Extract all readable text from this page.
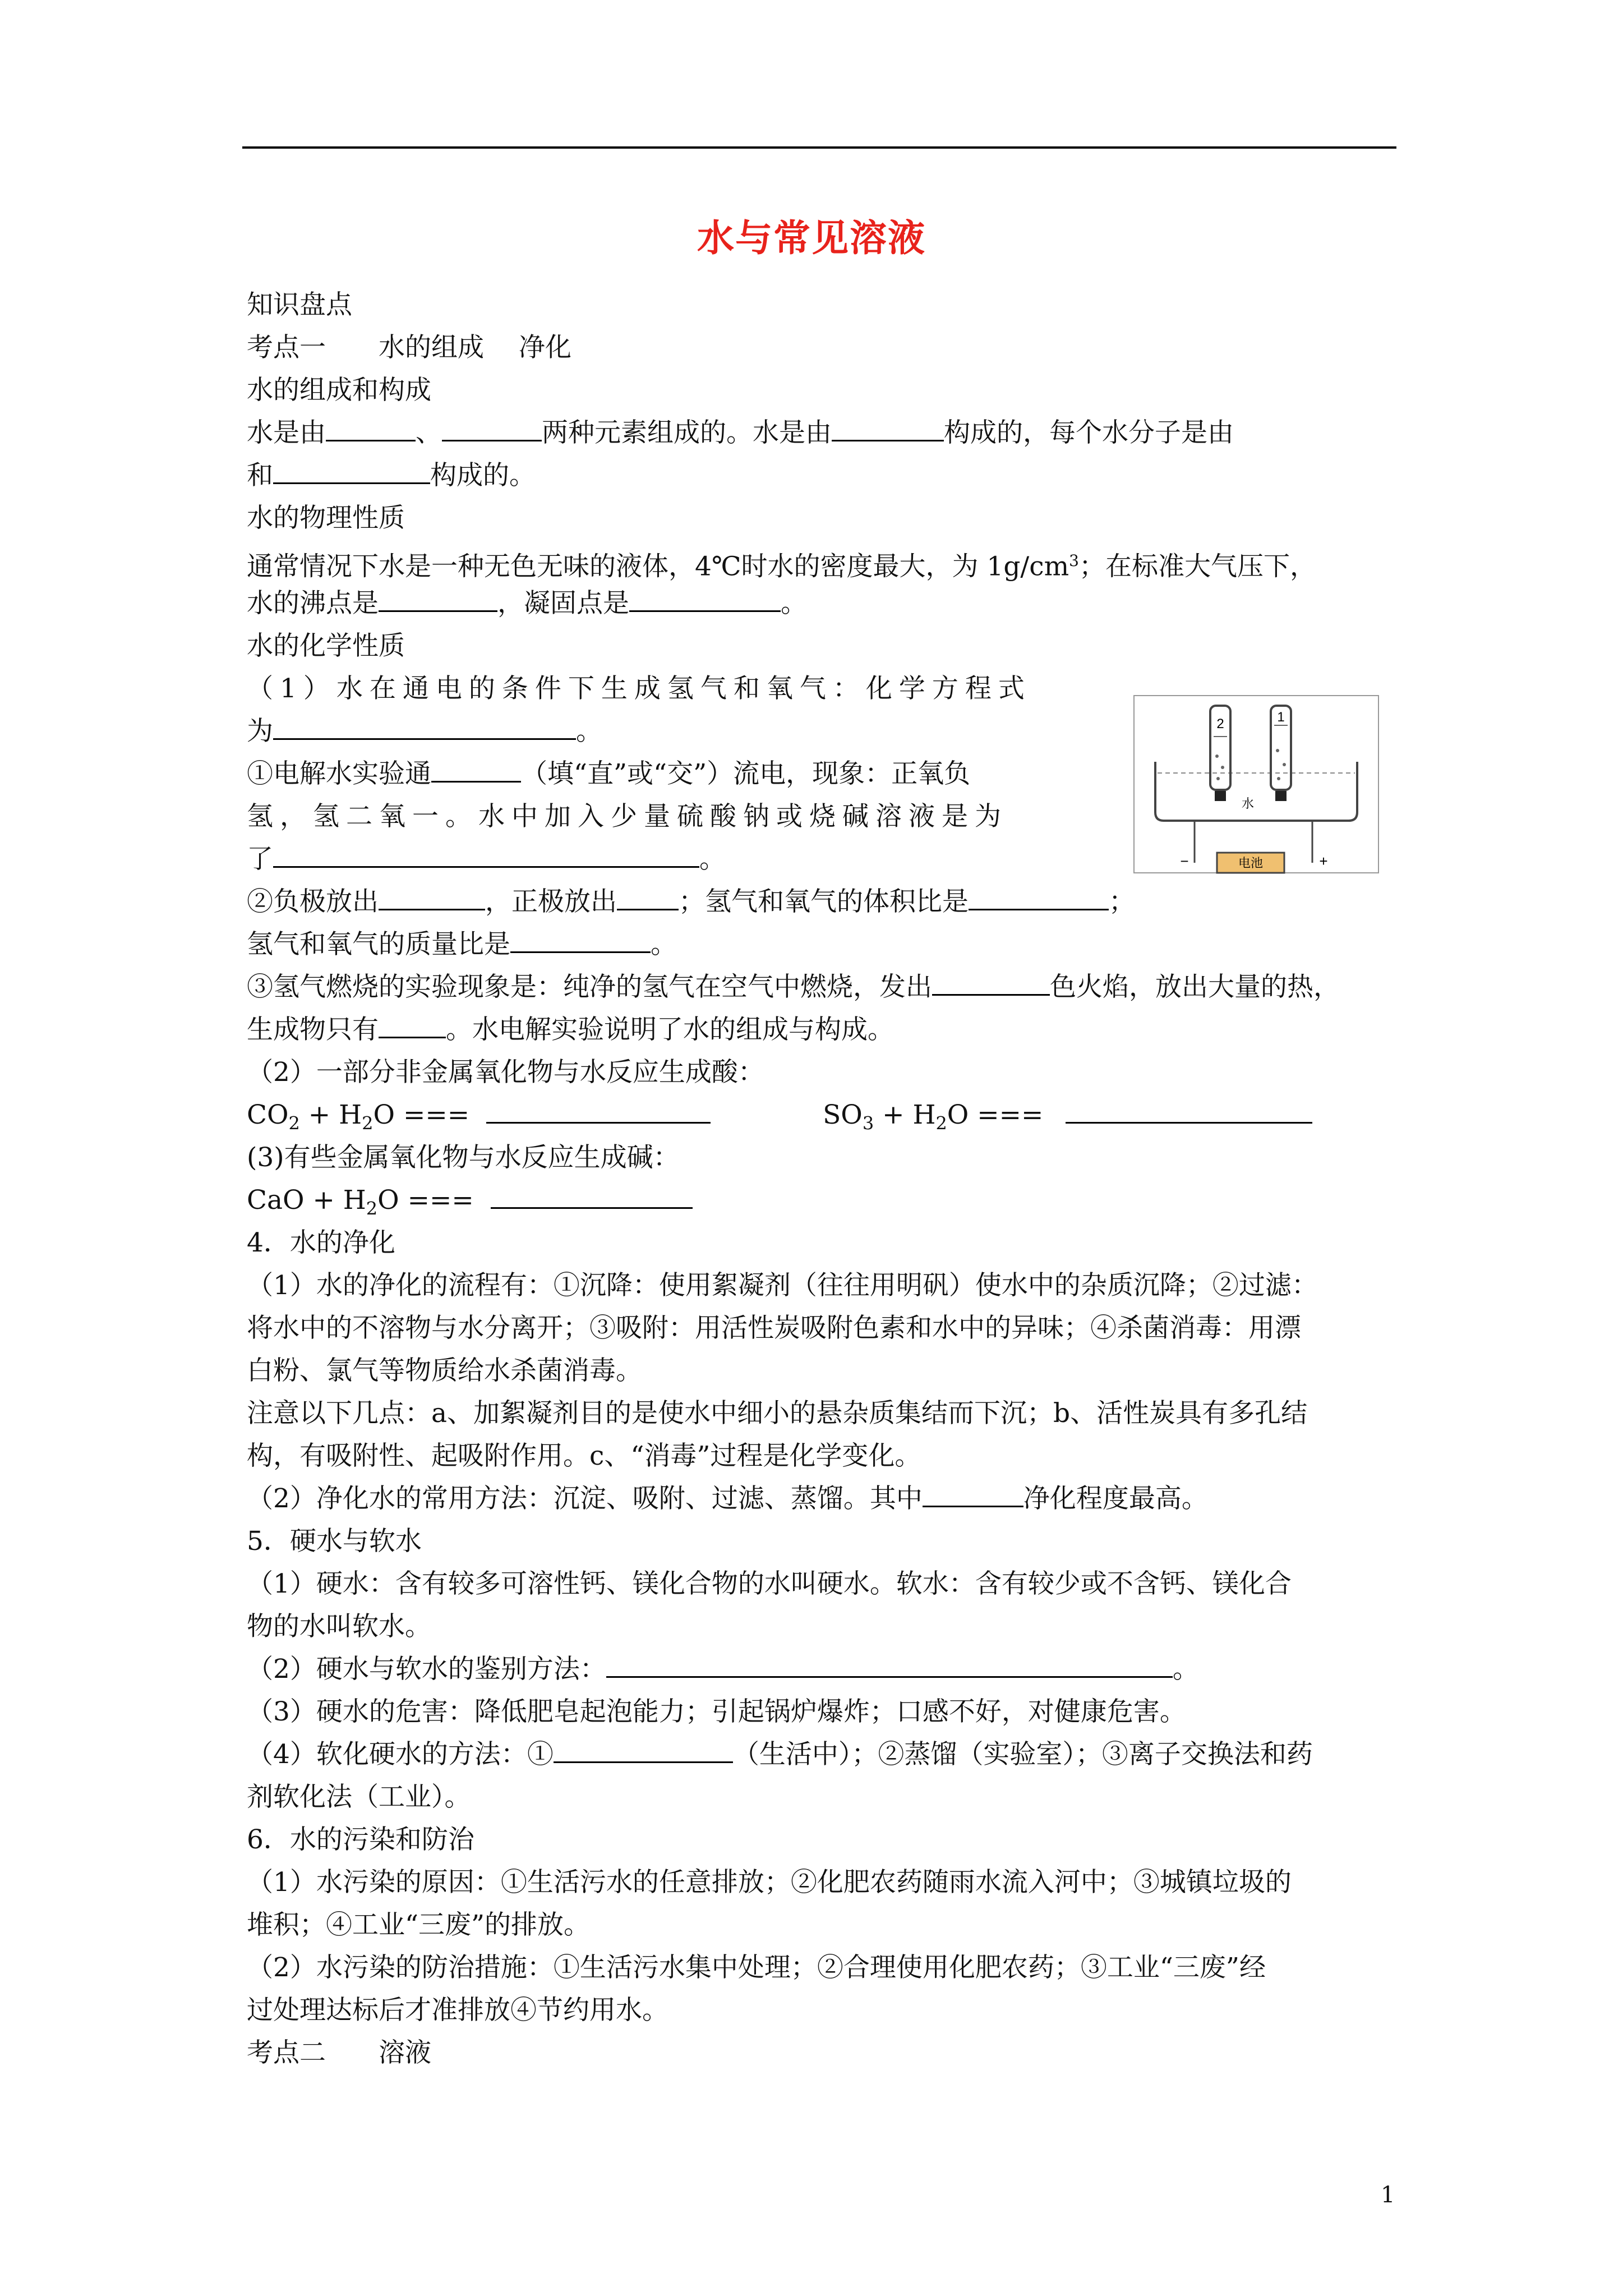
水与常见溶液
知识盘点
考点一　　水的组成　 净化
水的组成和构成
水是由	、	两种元素组成的。水是由	构成的，每个水分子是由
和	构成的。
水的物理性质
通常情况下水是一种无色无味的液体，4℃时水的密度最大，为 $1g/cm^3$；在标准大气压下，
水的沸点是	，凝固点是	。
水的化学性质
（1）水在通电的条件下生成氢气和氧气：化学方程式
为	。
①电解水实验通	（填“直”或“交”）流电，现象：正氧负
氢，氢二氧一。水中加入少量硫酸钠或烧碱溶液是为
了	。
②负极放出	，正极放出 ；氢气和氧气的体积比是	；
氢气和氧气的质量比是	。
③氢气燃烧的实验现象是：纯净的氢气在空气中燃烧，发出	色火焰，放出大量的热，
生成物只有	。水电解实验说明了水的组成与构成。
（2）一部分非金属氧化物与水反应生成酸：
$CO_2 + H_2O$ ===	$SO_3 + H_2O$ ===
(3)有些金属氧化物与水反应生成碱：
CaO + $H_2O$ ===
4．水的净化
（1）水的净化的流程有：①沉降：使用絮凝剂（往往用明矾）使水中的杂质沉降；②过滤：
将水中的不溶物与水分离开；③吸附：用活性炭吸附色素和水中的异味；④杀菌消毒：用漂
白粉、氯气等物质给水杀菌消毒。
注意以下几点：a、加絮凝剂目的是使水中细小的悬杂质集结而下沉；b、活性炭具有多孔结
构，有吸附性、起吸附作用。c、“消毒”过程是化学变化。
（2）净化水的常用方法：沉淀、吸附、过滤、蒸馏。其中	净化程度最高。
5．硬水与软水
（1）硬水：含有较多可溶性钙、镁化合物的水叫硬水。软水：含有较少或不含钙、镁化合
物的水叫软水。
（2）硬水与软水的鉴别方法：	。
（3）硬水的危害：降低肥皂起泡能力；引起锅炉爆炸；口感不好，对健康危害。
（4）软化硬水的方法：①	（生活中）；②蒸馏（实验室）；③离子交换法和药
剂软化法（工业）。
6．水的污染和防治
（1）水污染的原因：①生活污水的任意排放；②化肥农药随雨水流入河中；③城镇垃圾的
堆积；④工业“三废”的排放。
（2）水污染的防治措施：①生活污水集中处理；②合理使用化肥农药；③工业“三废”经
过处理达标后才准排放④节约用水。
考点二　　溶液
2	1
水
电池
−	+
1
